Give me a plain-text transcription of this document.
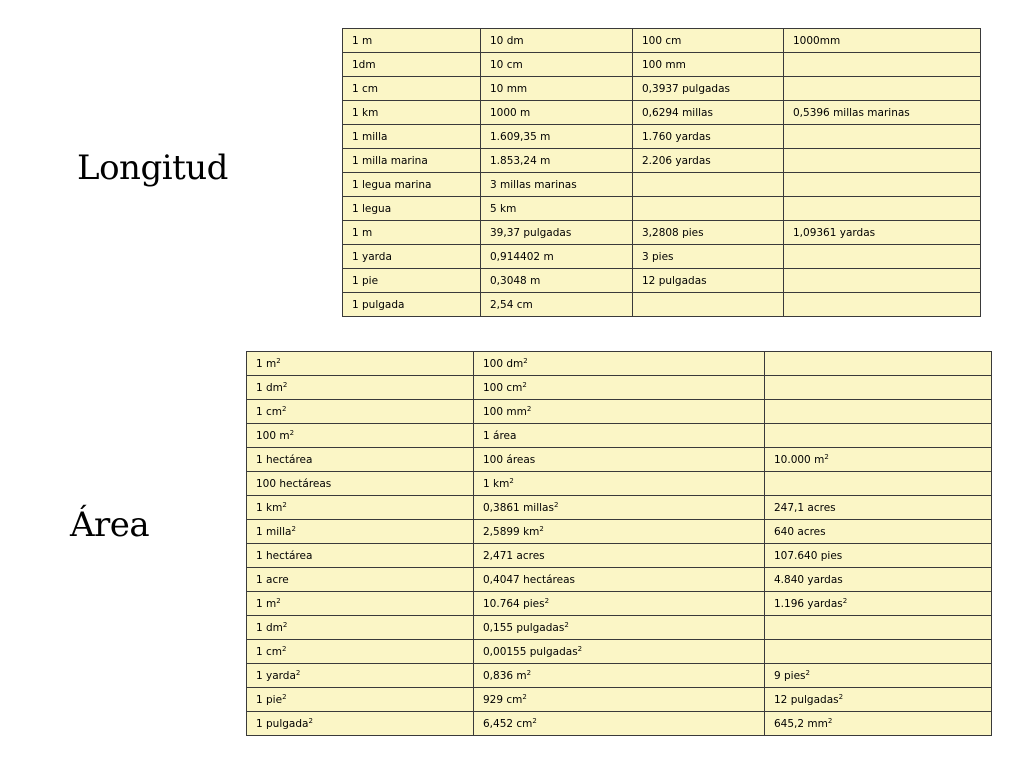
Longitud
1 m	10 dm	100 cm	1000mm
1dm	10 cm	100 mm	
1 cm	10 mm	0,3937 pulgadas	
1 km	1000 m	0,6294 millas	0,5396 millas marinas
1 milla	1.609,35 m	1.760 yardas	
1 milla marina	1.853,24 m	2.206 yardas	
1 legua marina	3 millas marinas		
1 legua	5 km		
1 m	39,37 pulgadas	3,2808 pies	1,09361 yardas
1 yarda	0,914402 m	3 pies	
1 pie	0,3048 m	12 pulgadas	
1 pulgada	2,54 cm		
Área
1 $m^2$	100 $dm^2$	
1 $dm^2$	100 $cm^2$	
1 $cm^2$	100 $mm^2$	
100 $m^2$	1 área	
1 hectárea	100 áreas	10.000 $m^2$
100 hectáreas	1 $km^2$	
1 $km^2$	0,3861 millas$^2$	247,1 acres
1 milla$^2$	2,5899 $km^2$	640 acres
1 hectárea	2,471 acres	107.640 pies
1 acre	0,4047 hectáreas	4.840 yardas
1 $m^2$	10.764 pies$^2$	1.196 yardas$^2$
1 $dm^2$	0,155 pulgadas$^2$	
1 $cm^2$	0,00155 pulgadas$^2$	
1 yarda$^2$	0,836 $m^2$	9 pies$^2$
1 pie$^2$	929 $cm^2$	12 pulgadas$^2$
1 pulgada$^2$	6,452 $cm^2$	645,2 $mm^2$
